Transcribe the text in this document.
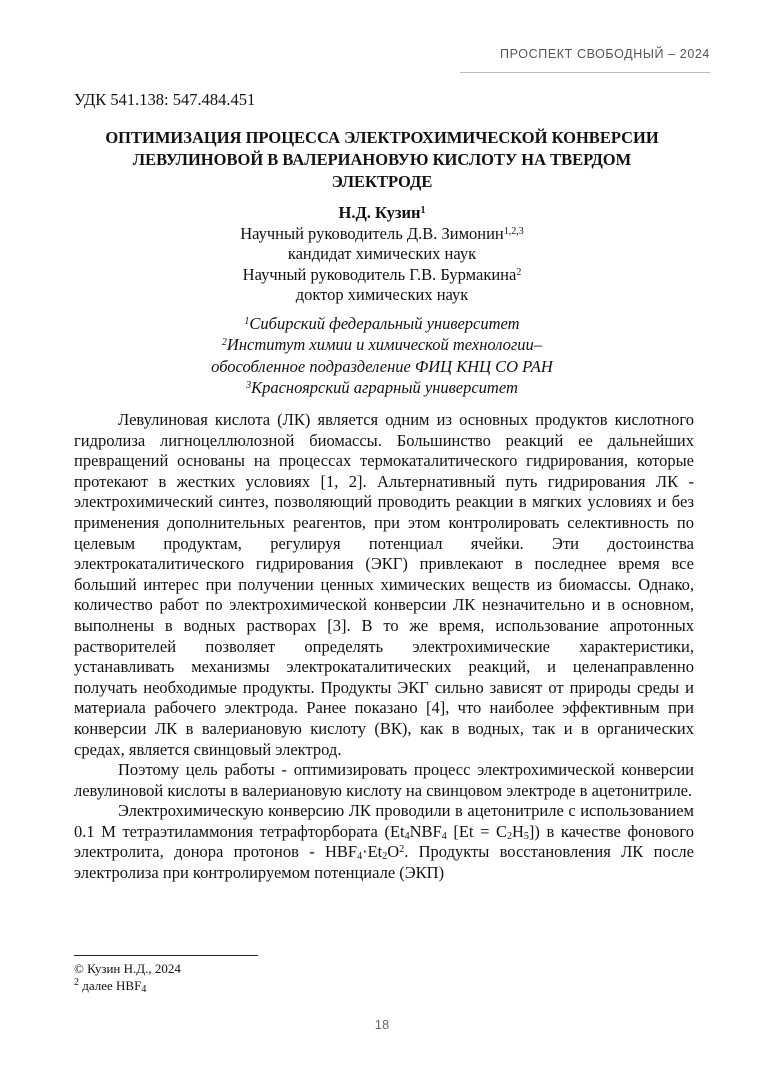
ПРОСПЕКТ СВОБОДНЫЙ – 2024
УДК 541.138: 547.484.451
ОПТИМИЗАЦИЯ ПРОЦЕССА ЭЛЕКТРОХИМИЧЕСКОЙ КОНВЕРСИИ
ЛЕВУЛИНОВОЙ В ВАЛЕРИАНОВУЮ КИСЛОТУ НА ТВЕРДОМ
ЭЛЕКТРОДЕ
Н.Д. Кузин$^1$
Научный руководитель Д.В. Зимонин$^{1,2,3}$
кандидат химических наук
Научный руководитель Г.В. Бурмакина$^2$
доктор химических наук
$^1$Сибирский федеральный университет
$^2$Институт химии и химической технологии–
обособленное подразделение ФИЦ КНЦ СО РАН
$^3$Красноярский аграрный университет

Левулиновая кислота (ЛК) является одним из основных продуктов кислотного гидролиза лигноцеллюлозной биомассы. Большинство реакций ее дальнейших превращений основаны на процессах термокаталитического гидрирования, которые протекают в жестких условиях [1, 2]. Альтернативный путь гидрирования ЛК - электрохимический синтез, позволяющий проводить реакции в мягких условиях и без применения дополнительных реагентов, при этом контролировать селективность по целевым продуктам, регулируя потенциал ячейки. Эти достоинства электрокаталитического гидрирования (ЭКГ) привлекают в последнее время все больший интерес при получении ценных химических веществ из биомассы. Однако, количество работ по электрохимической конверсии ЛК незначительно и в основном, выполнены в водных растворах [3]. В то же время, использование апротонных растворителей позволяет определять электрохимические характеристики, устанавливать механизмы электрокаталитических реакций, и целенаправленно получать необходимые продукты. Продукты ЭКГ сильно зависят от природы среды и материала рабочего электрода. Ранее показано [4], что наиболее эффективным при конверсии ЛК в валериановую кислоту (ВК), как в водных, так и в органических средах, является свинцовый электрод.

Поэтому цель работы - оптимизировать процесс электрохимической конверсии левулиновой кислоты в валериановую кислоту на свинцовом электроде в ацетонитриле.

Электрохимическую конверсию ЛК проводили в ацетонитриле с использованием 0.1 М тетраэтиламмония тетрафторбората ($Et_4NBF_4$ $[Et = C_2H_5]$) в качестве фонового электролита, донора протонов - $HBF_4\cdot Et_2O^2$. Продукты восстановления ЛК после электролиза при контролируемом потенциале (ЭКП)

© Кузин Н.Д., 2024
$^2$ далее $HBF_4$
18
